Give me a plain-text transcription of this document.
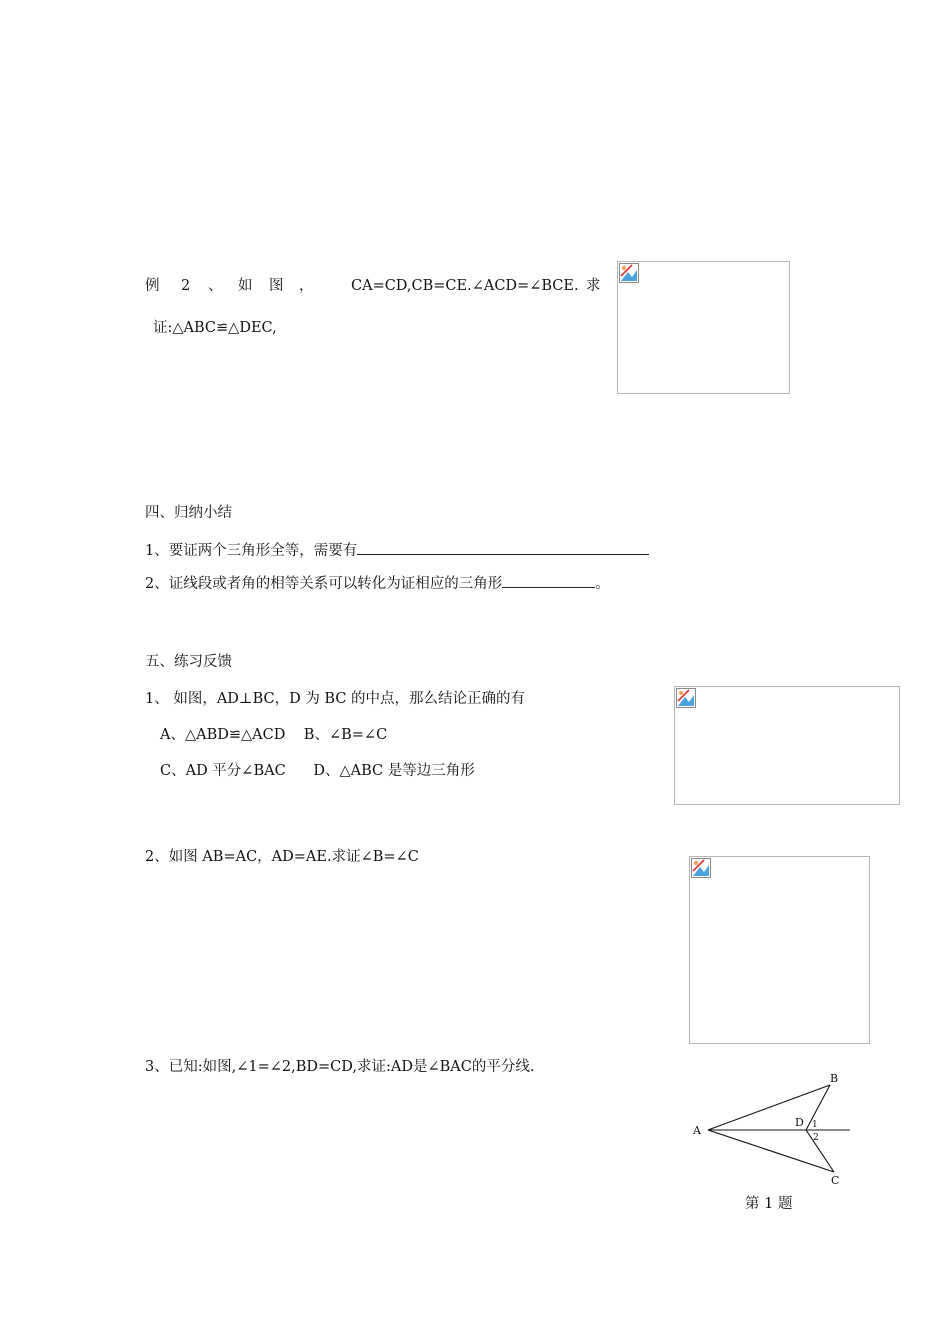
例 2 、 如 图 ，	CA=CD,CB=CE.∠ACD=∠BCE. 求
证:△ABC≌△DEC,
四、归纳小结
1、要证两个三角形全等，需要有
2、证线段或者角的相等关系可以转化为证相应的三角形	。
五、练习反馈
1、 如图，AD⊥BC，D 为 BC 的中点，那么结论正确的有
A、△ABD≌△ACD    B、∠B=∠C
C、AD 平分∠BAC      D、△ABC 是等边三角形
2、如图 AB=AC，AD=AE.求证∠B=∠C
3、已知:如图,∠1=∠2,BD=CD,求证:AD是∠BAC的平分线.
A
B
C
D 1
2
第 1 题
